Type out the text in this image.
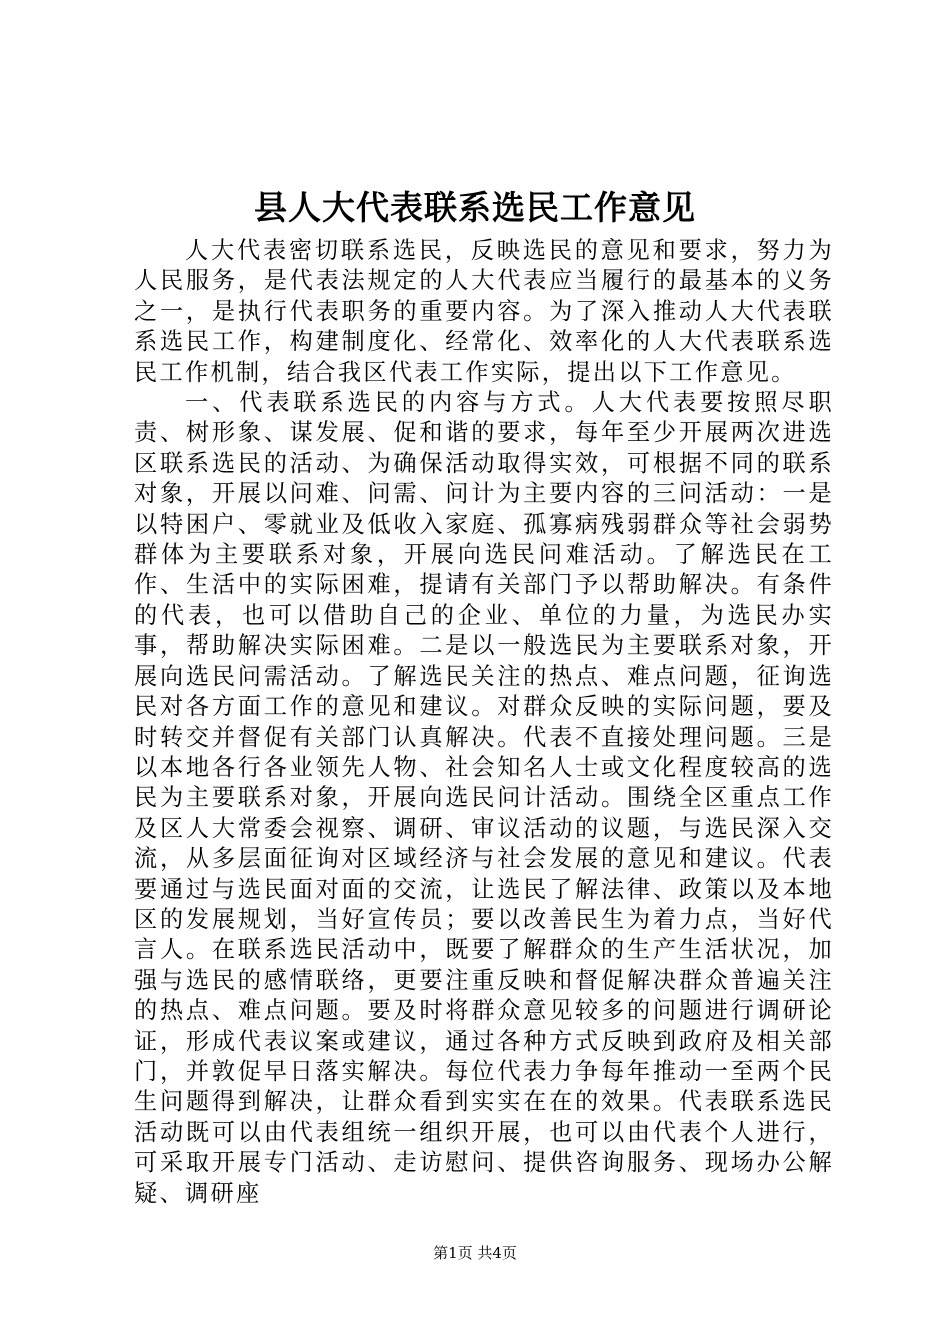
县人大代表联系选民工作意见

人大代表密切联系选民，反映选民的意见和要求，努力为人民服务，是代表法规定的人大代表应当履行的最基本的义务之一，是执行代表职务的重要内容。为了深入推动人大代表联系选民工作，构建制度化、经常化、效率化的人大代表联系选民工作机制，结合我区代表工作实际，提出以下工作意见。

一、代表联系选民的内容与方式。人大代表要按照尽职责、树形象、谋发展、促和谐的要求，每年至少开展两次进选区联系选民的活动、为确保活动取得实效，可根据不同的联系对象，开展以问难、问需、问计为主要内容的三问活动：一是以特困户、零就业及低收入家庭、孤寡病残弱群众等社会弱势群体为主要联系对象，开展向选民问难活动。了解选民在工作、生活中的实际困难，提请有关部门予以帮助解决。有条件的代表，也可以借助自己的企业、单位的力量，为选民办实事，帮助解决实际困难。二是以一般选民为主要联系对象，开展向选民问需活动。了解选民关注的热点、难点问题，征询选民对各方面工作的意见和建议。对群众反映的实际问题，要及时转交并督促有关部门认真解决。代表不直接处理问题。三是以本地各行各业领先人物、社会知名人士或文化程度较高的选民为主要联系对象，开展向选民问计活动。围绕全区重点工作及区人大常委会视察、调研、审议活动的议题，与选民深入交流，从多层面征询对区域经济与社会发展的意见和建议。代表要通过与选民面对面的交流，让选民了解法律、政策以及本地区的发展规划，当好宣传员；要以改善民生为着力点，当好代言人。在联系选民活动中，既要了解群众的生产生活状况，加强与选民的感情联络，更要注重反映和督促解决群众普遍关注的热点、难点问题。要及时将群众意见较多的问题进行调研论证，形成代表议案或建议，通过各种方式反映到政府及相关部门，并敦促早日落实解决。每位代表力争每年推动一至两个民生问题得到解决，让群众看到实实在在的效果。代表联系选民活动既可以由代表组统一组织开展，也可以由代表个人进行，可采取开展专门活动、走访慰问、提供咨询服务、现场办公解疑、调研座

第1页 共4页
